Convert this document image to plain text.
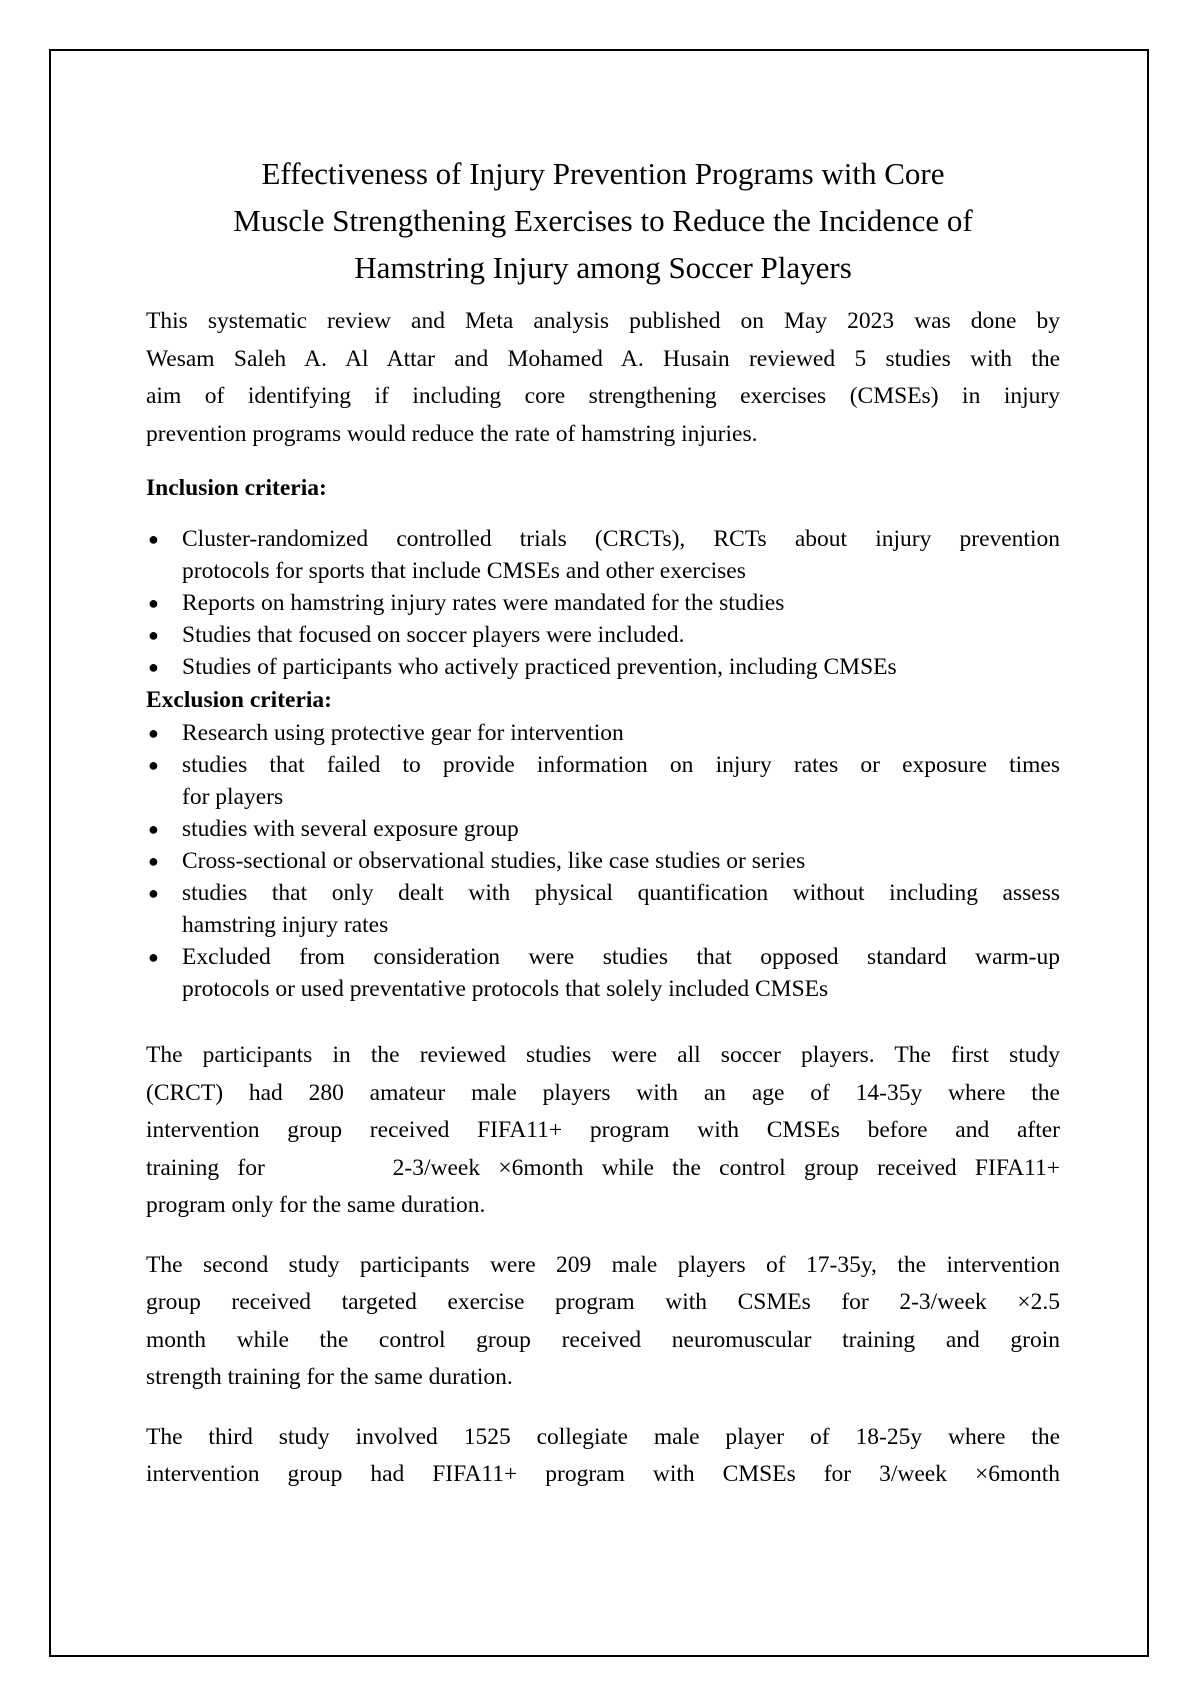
Effectiveness of Injury Prevention Programs with Core
Muscle Strengthening Exercises to Reduce the Incidence of
Hamstring Injury among Soccer Players

This systematic review and Meta analysis published on May 2023 was done by
Wesam Saleh A. Al Attar and Mohamed A. Husain reviewed 5 studies with the
aim of identifying if including core strengthening exercises (CMSEs) in injury
prevention programs would reduce the rate of hamstring injuries.

Inclusion criteria:

● Cluster-randomized controlled trials (CRCTs), RCTs about injury prevention
protocols for sports that include CMSEs and other exercises
● Reports on hamstring injury rates were mandated for the studies
● Studies that focused on soccer players were included.
● Studies of participants who actively practiced prevention, including CMSEs

Exclusion criteria:

● Research using protective gear for intervention
● studies that failed to provide information on injury rates or exposure times
for players
● studies with several exposure group
● Cross-sectional or observational studies, like case studies or series
● studies that only dealt with physical quantification without including assess
hamstring injury rates
● Excluded from consideration were studies that opposed standard warm-up
protocols or used preventative protocols that solely included CMSEs

The participants in the reviewed studies were all soccer players. The first study
(CRCT) had 280 amateur male players with an age of 14-35y where the
intervention group received FIFA11+ program with CMSEs before and after
training for       2-3/week ×6month while the control group received FIFA11+
program only for the same duration.

The second study participants were 209 male players of 17-35y, the intervention
group received targeted exercise program with CSMEs for 2-3/week ×2.5
month while the control group received neuromuscular training and groin
strength training for the same duration.

The third study involved 1525 collegiate male player of 18-25y where the
intervention group had FIFA11+ program with CMSEs for 3/week ×6month
